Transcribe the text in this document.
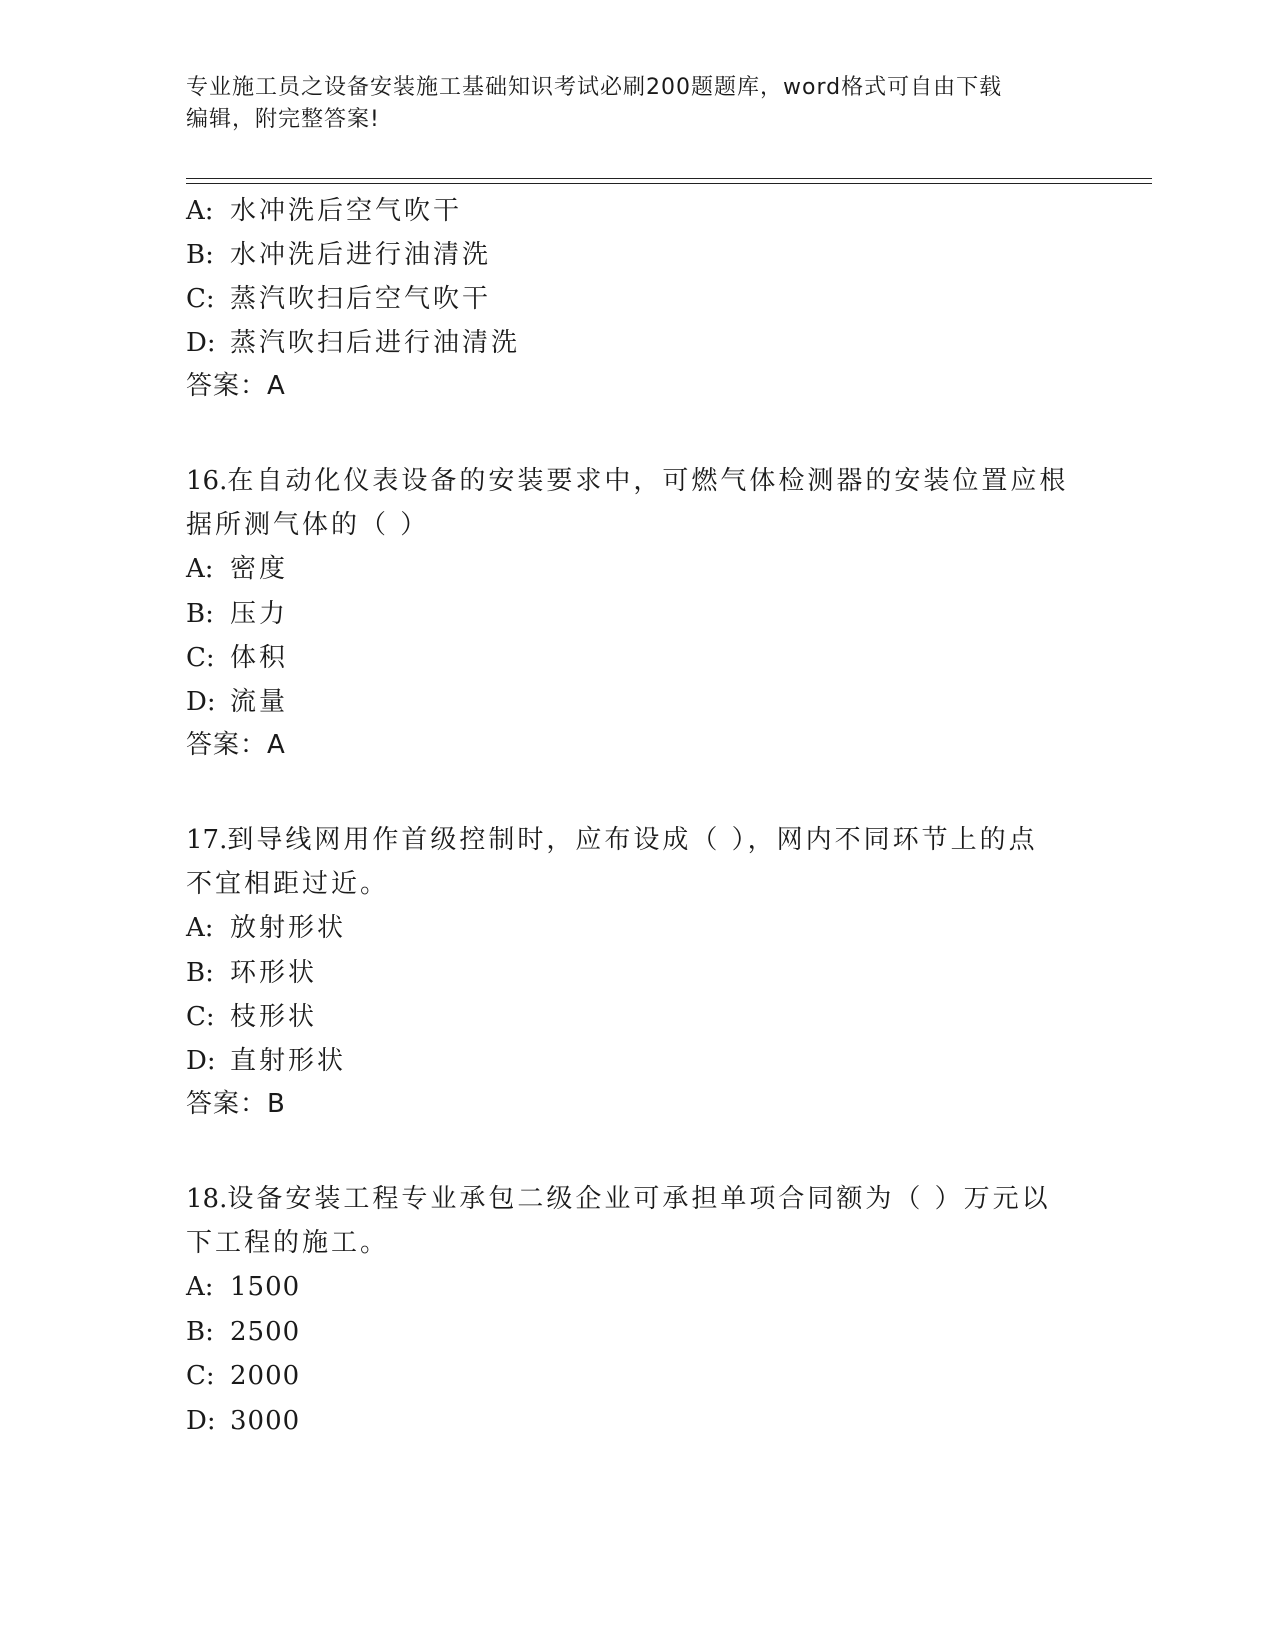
专业施工员之设备安装施工基础知识考试必刷200题题库，word格式可自由下载
编辑，附完整答案!
A: 水冲洗后空气吹干
B: 水冲洗后进行油清洗
C: 蒸汽吹扫后空气吹干
D: 蒸汽吹扫后进行油清洗
答案：A
16.在自动化仪表设备的安装要求中，可燃气体检测器的安装位置应根
据所测气体的（ ）
A: 密度
B: 压力
C: 体积
D: 流量
答案：A
17.到导线网用作首级控制时，应布设成（ ），网内不同环节上的点
不宜相距过近。
A: 放射形状
B: 环形状
C: 枝形状
D: 直射形状
答案：B
18.设备安装工程专业承包二级企业可承担单项合同额为（ ）万元以
下工程的施工。
A: 1500
B: 2500
C: 2000
D: 3000
